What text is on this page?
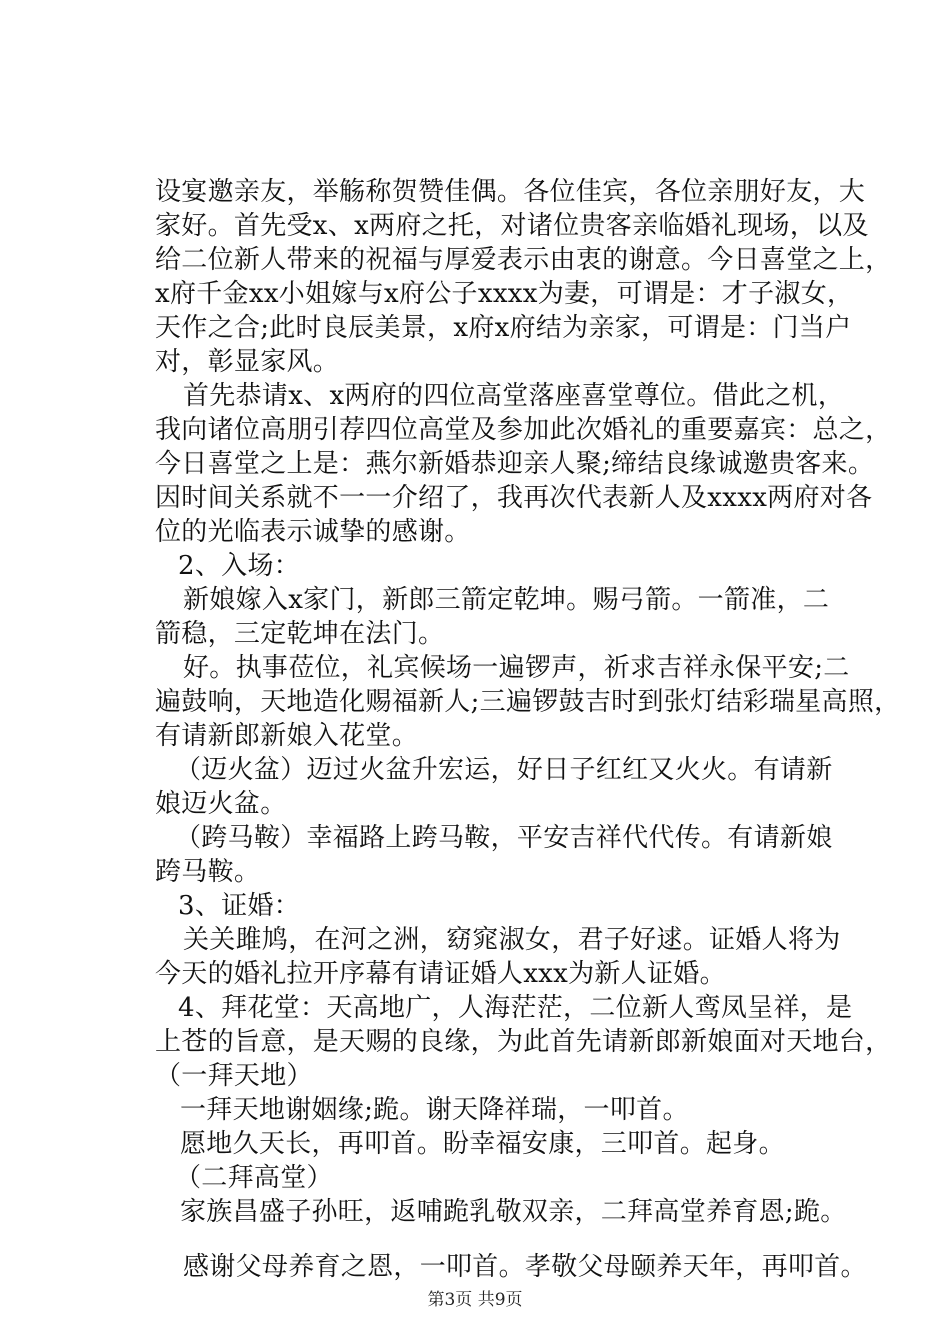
设宴邀亲友，举觞称贺赞佳偶。各位佳宾，各位亲朋好友，大
家好。首先受x、x两府之托，对诸位贵客亲临婚礼现场，以及
给二位新人带来的祝福与厚爱表示由衷的谢意。今日喜堂之上，
x府千金xx小姐嫁与x府公子xxxx为妻，可谓是：才子淑女，
天作之合;此时良辰美景，x府x府结为亲家，可谓是：门当户
对，彰显家风。
首先恭请x、x两府的四位高堂落座喜堂尊位。借此之机，
我向诸位高朋引荐四位高堂及参加此次婚礼的重要嘉宾：总之，
今日喜堂之上是：燕尔新婚恭迎亲人聚;缔结良缘诚邀贵客来。
因时间关系就不一一介绍了，我再次代表新人及xxxx两府对各
位的光临表示诚挚的感谢。
2、入场：
新娘嫁入x家门，新郎三箭定乾坤。赐弓箭。一箭准，二
箭稳，三定乾坤在法门。
好。执事莅位，礼宾候场一遍锣声，祈求吉祥永保平安;二
遍鼓响，天地造化赐福新人;三遍锣鼓吉时到张灯结彩瑞星高照，
有请新郎新娘入花堂。
（迈火盆）迈过火盆升宏运，好日子红红又火火。有请新
娘迈火盆。
（跨马鞍）幸福路上跨马鞍，平安吉祥代代传。有请新娘
跨马鞍。
3、证婚：
关关雎鸠，在河之洲，窈窕淑女，君子好逑。证婚人将为
今天的婚礼拉开序幕有请证婚人xxx为新人证婚。
4、拜花堂：天高地广，人海茫茫，二位新人鸾凤呈祥，是
上苍的旨意，是天赐的良缘，为此首先请新郎新娘面对天地台，
（一拜天地）
一拜天地谢姻缘;跪。谢天降祥瑞，一叩首。
愿地久天长，再叩首。盼幸福安康，三叩首。起身。
（二拜高堂）
家族昌盛子孙旺，返哺跪乳敬双亲，二拜高堂养育恩;跪。
感谢父母养育之恩，一叩首。孝敬父母颐养天年，再叩首。
第3页 共9页
